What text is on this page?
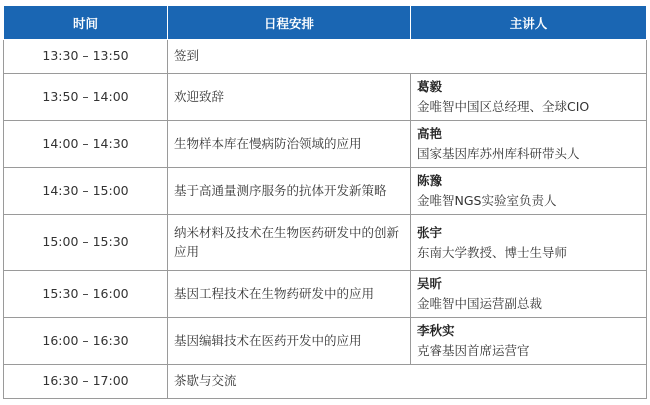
时间	日程安排	主讲人
13:30 – 13:50	签到	
13:50 – 14:00	欢迎致辞	葛毅
金唯智中国区总经理、全球CIO

14:00 – 14:30	生物样本库在慢病防治领域的应用	高艳
国家基因库苏州库科研带头人

14:30 – 15:00	基于高通量测序服务的抗体开发新策略	陈豫
金唯智NGS实验室负责人

15:00 – 15:30	纳米材料及技术在生物医药研发中的创新应用	张宇
东南大学教授、博士生导师

15:30 – 16:00	基因工程技术在生物药研发中的应用	吴昕
金唯智中国运营副总裁

16:00 – 16:30	基因编辑技术在医药开发中的应用	李秋实
克睿基因首席运营官

16:30 – 17:00	茶歇与交流	
